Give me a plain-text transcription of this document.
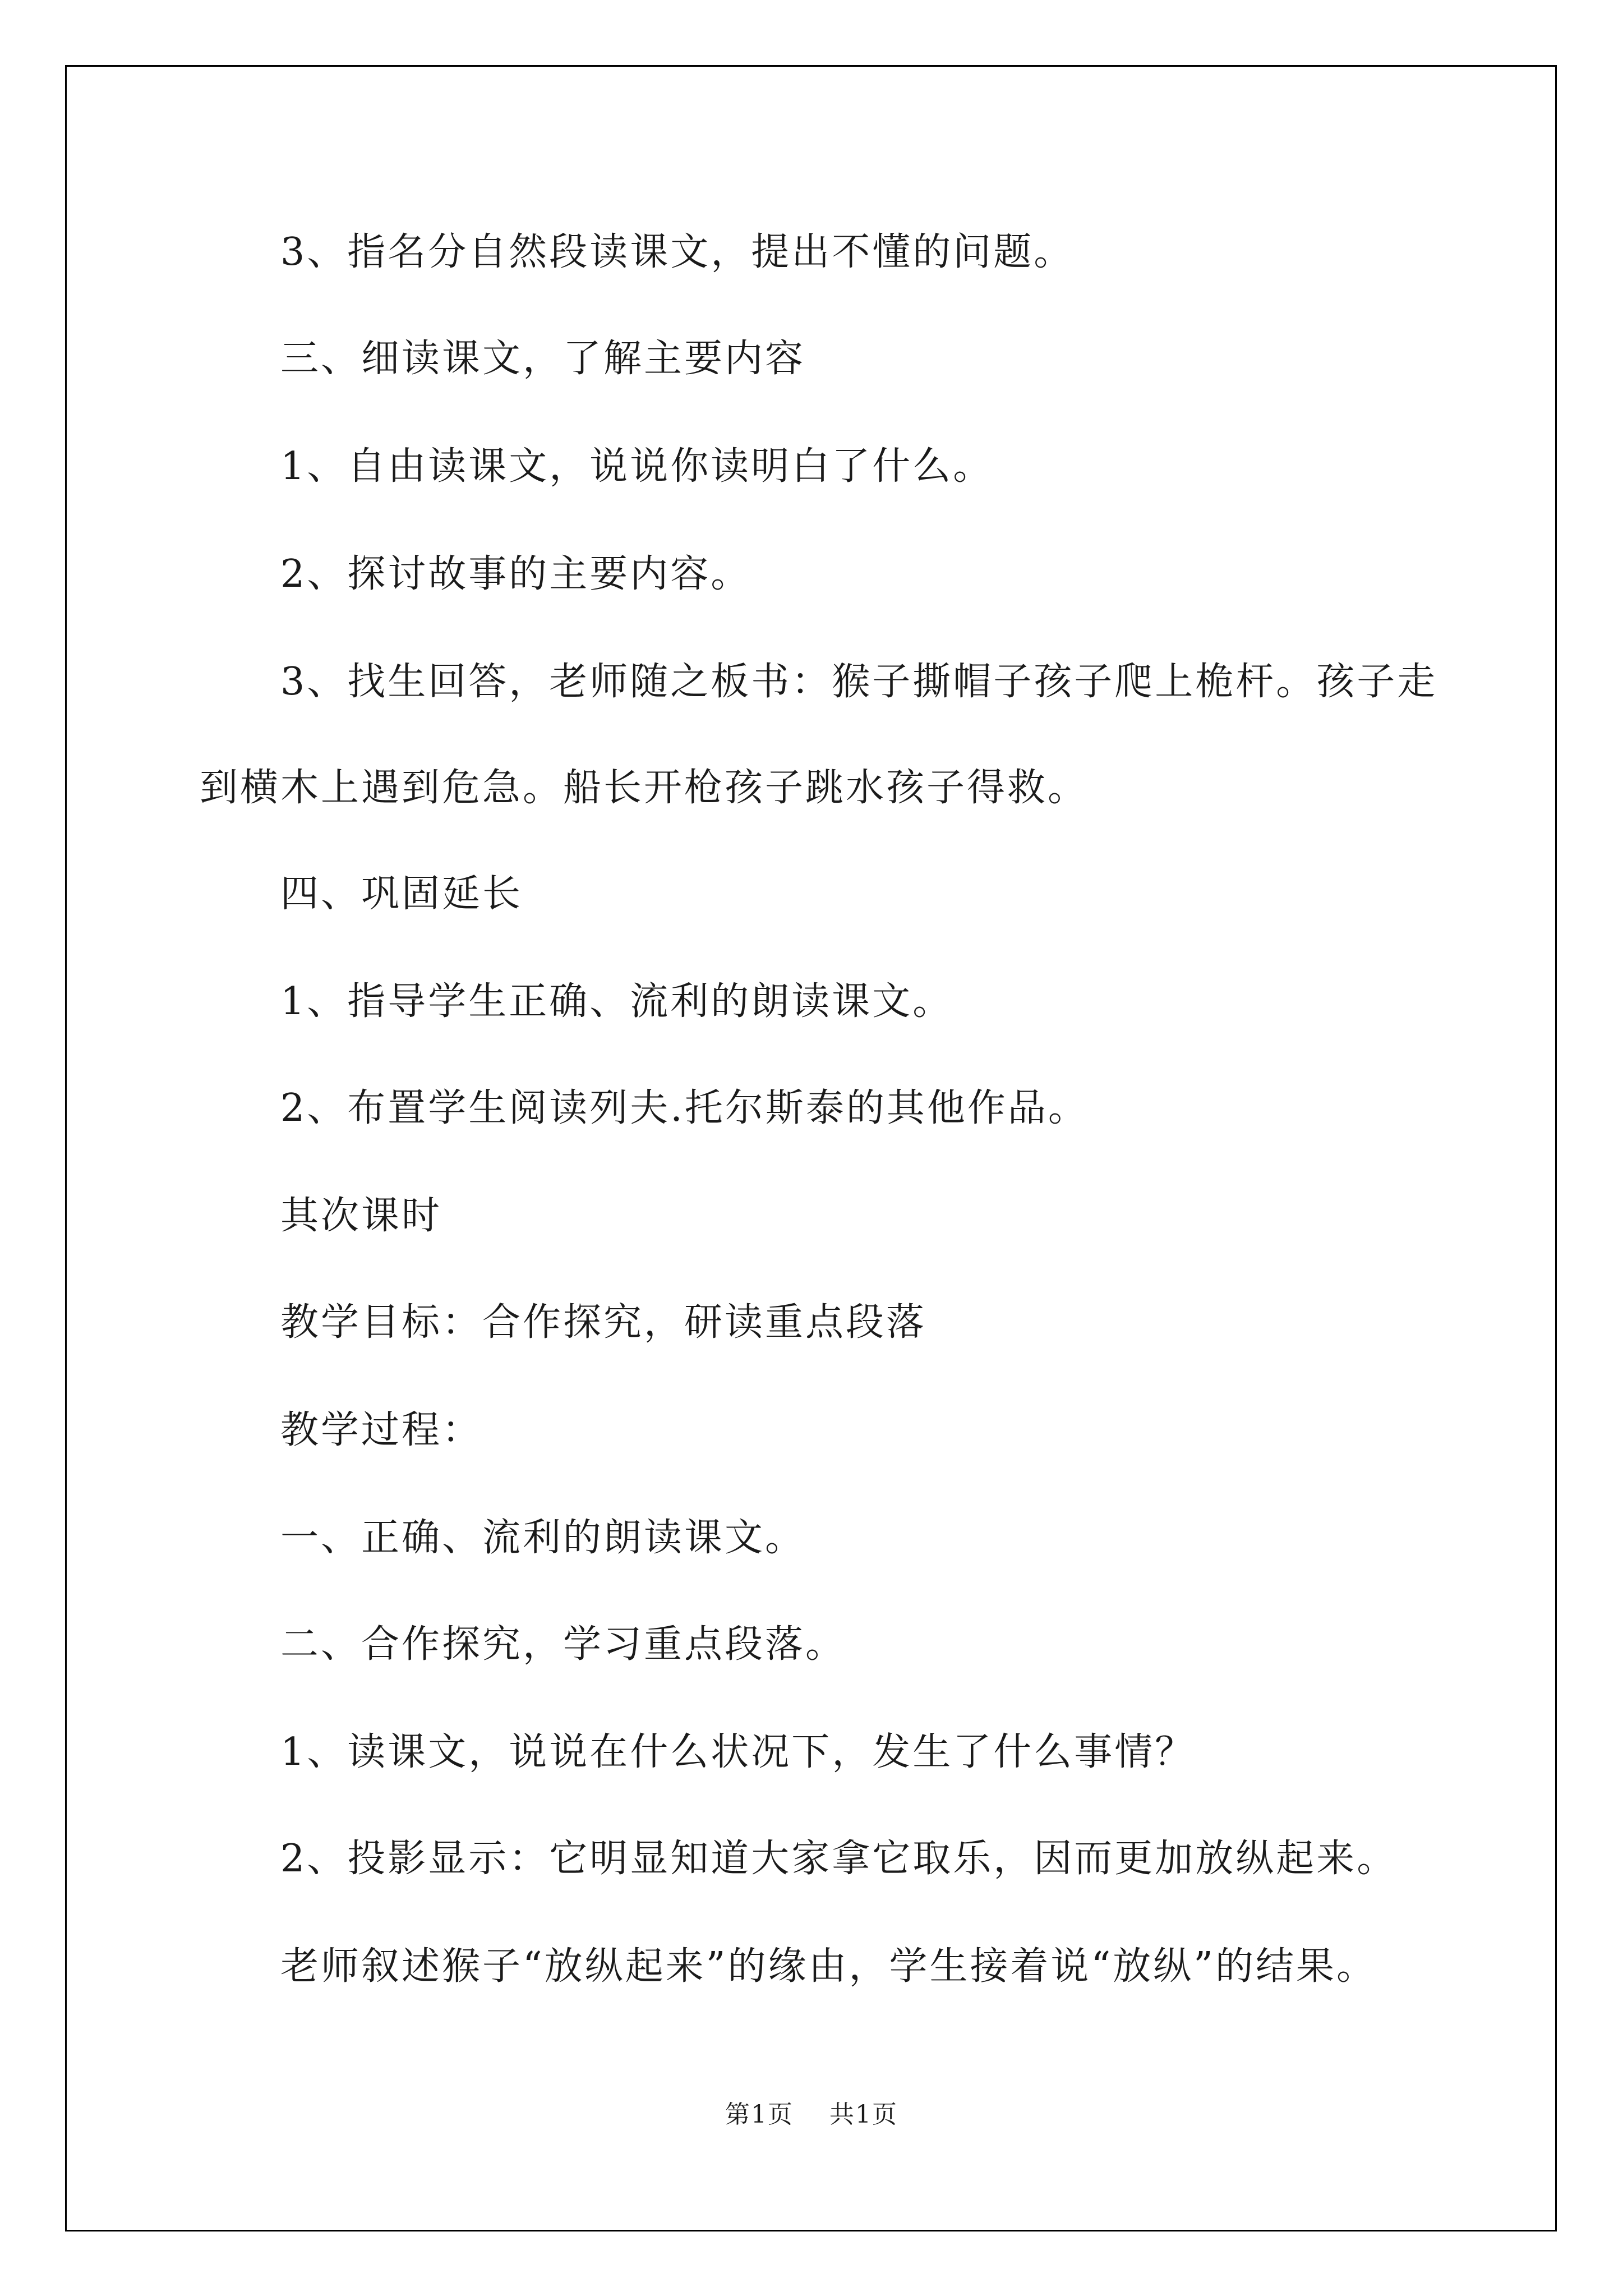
3、指名分自然段读课文，提出不懂的问题。

三、细读课文，了解主要内容

1、自由读课文，说说你读明白了什么。

2、探讨故事的主要内容。

3、找生回答，老师随之板书：猴子撕帽子孩子爬上桅杆。孩子走

到横木上遇到危急。船长开枪孩子跳水孩子得救。

四、巩固延长

1、指导学生正确、流利的朗读课文。

2、布置学生阅读列夫.托尔斯泰的其他作品。

其次课时

教学目标：合作探究，研读重点段落

教学过程：

一、正确、流利的朗读课文。

二、合作探究，学习重点段落。

1、读课文，说说在什么状况下，发生了什么事情？

2、投影显示：它明显知道大家拿它取乐，因而更加放纵起来。

老师叙述猴子“放纵起来”的缘由，学生接着说“放纵”的结果。

第1页 共1页
